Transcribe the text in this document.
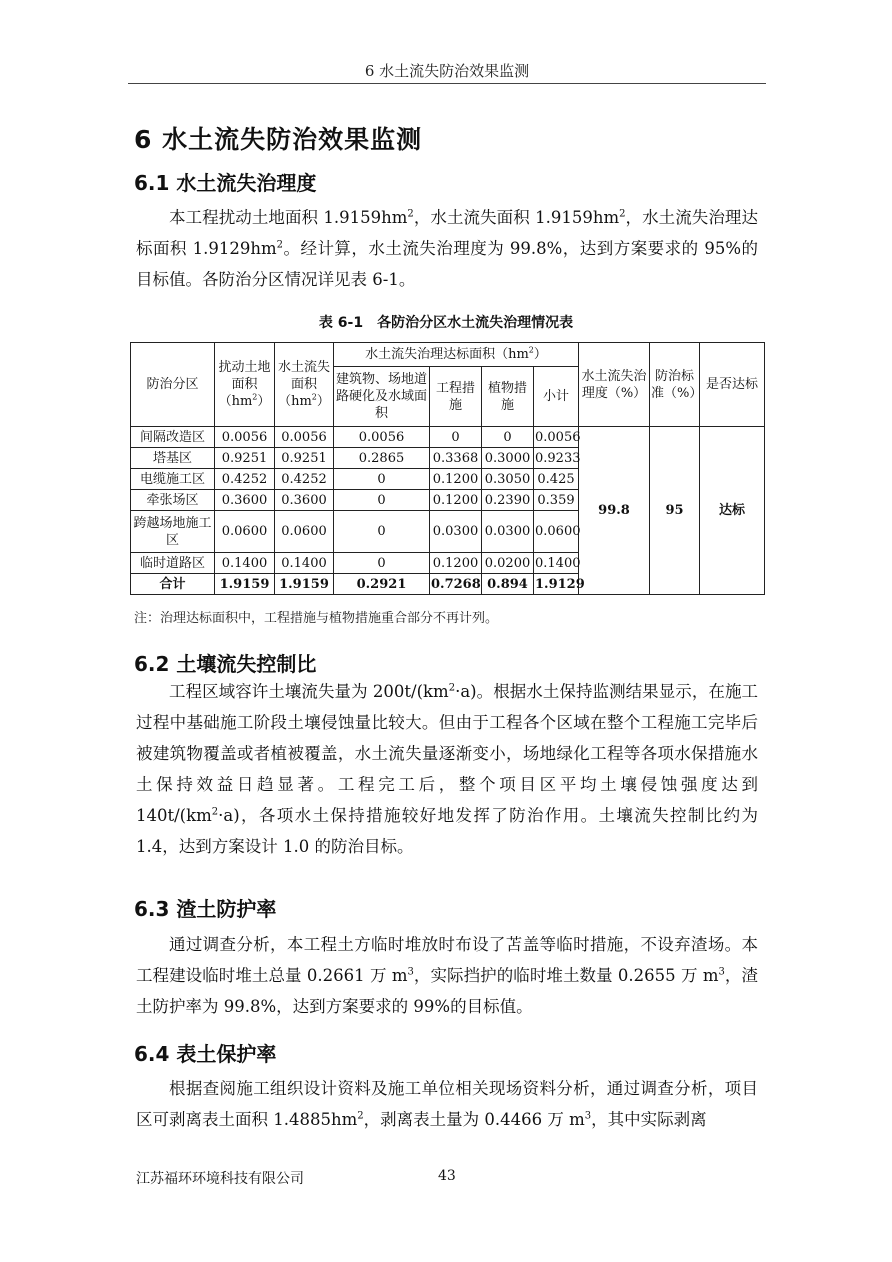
6 水土流失防治效果监测
6 水土流失防治效果监测
6.1 水土流失治理度
本工程扰动土地面积 $1.9159hm^2$，水土流失面积 $1.9159hm^2$，水土流失治理达标面积 $1.9129hm^2$。经计算，水土流失治理度为 99.8%，达到方案要求的 95%的目标值。各防治分区情况详见表 6-1。
表 6-1　各防治分区水土流失治理情况表
防治分区	扰动土地面积$(hm^2)$	水土流失面积$(hm^2)$	水土流失治理达标面积$(hm^2)$				水土流失治理度（%）	防治标准（%）	是否达标
			建筑物、场地道路硬化及水域面积	工程措施	植物措施	小计			
间隔改造区	0.0056	0.0056	0.0056	0	0	0.0056	99.8	95	达标
塔基区	0.9251	0.9251	0.2865	0.3368	0.3000	0.9233			
电缆施工区	0.4252	0.4252	0	0.1200	0.3050	0.425			
牵张场区	0.3600	0.3600	0	0.1200	0.2390	0.359			
跨越场地施工区	0.0600	0.0600	0	0.0300	0.0300	0.0600			
临时道路区	0.1400	0.1400	0	0.1200	0.0200	0.1400			
合计	1.9159	1.9159	0.2921	0.7268	0.894	1.9129			
注：治理达标面积中，工程措施与植物措施重合部分不再计列。
6.2 土壤流失控制比
工程区域容许土壤流失量为 $200t/(km^2\cdot a)$。根据水土保持监测结果显示，在施工过程中基础施工阶段土壤侵蚀量比较大。但由于工程各个区域在整个工程施工完毕后被建筑物覆盖或者植被覆盖，水土流失量逐渐变小，场地绿化工程等各项水保措施水土保持效益日趋显著。工程完工后，整个项目区平均土壤侵蚀强度达到 $140t/(km^2\cdot a)$，各项水土保持措施较好地发挥了防治作用。土壤流失控制比约为 1.4，达到方案设计 1.0 的防治目标。
6.3 渣土防护率
通过调查分析，本工程土方临时堆放时布设了苫盖等临时措施，不设弃渣场。本工程建设临时堆土总量 0.2661 万 $m^3$，实际挡护的临时堆土数量 0.2655 万 $m^3$，渣土防护率为 99.8%，达到方案要求的 99%的目标值。
6.4 表土保护率
根据查阅施工组织设计资料及施工单位相关现场资料分析，通过调查分析，项目区可剥离表土面积 $1.4885hm^2$，剥离表土量为 0.4466 万 $m^3$，其中实际剥离
江苏福环环境科技有限公司	43
